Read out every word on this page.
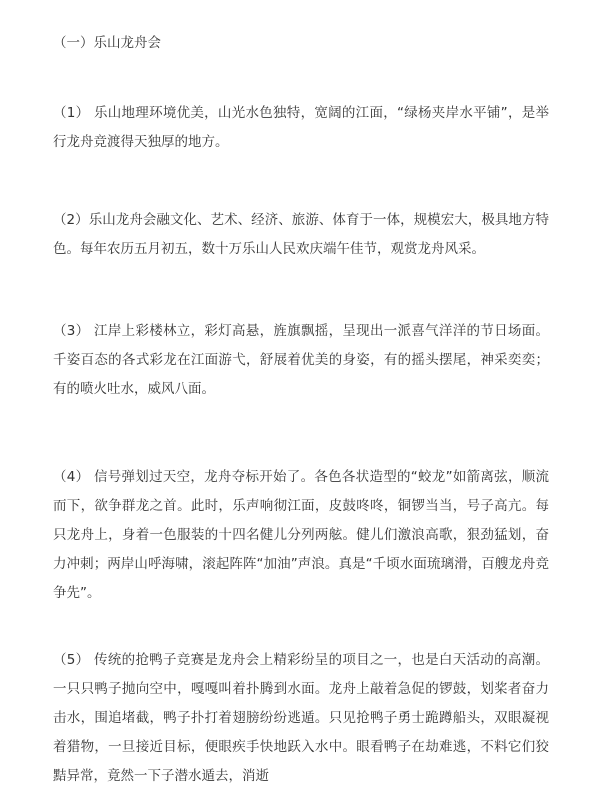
（一）乐山龙舟会

（1） 乐山地理环境优美，山光水色独特，宽阔的江面，“绿杨夹岸水平铺”，是举行龙舟竞渡得天独厚的地方。

（2）乐山龙舟会融文化、艺术、经济、旅游、体育于一体，规模宏大，极具地方特色。每年农历五月初五，数十万乐山人民欢庆端午佳节，观赏龙舟风采。

（3） 江岸上彩楼林立，彩灯高悬，旌旗飘摇，呈现出一派喜气洋洋的节日场面。千姿百态的各式彩龙在江面游弋，舒展着优美的身姿，有的摇头摆尾，神采奕奕；有的喷火吐水，威风八面。

（4） 信号弹划过天空，龙舟夺标开始了。各色各状造型的“蛟龙”如箭离弦，顺流而下，欲争群龙之首。此时，乐声响彻江面，皮鼓咚咚，铜锣当当，号子高亢。每只龙舟上，身着一色服装的十四名健儿分列两舷。健儿们激浪高歌，狠劲猛划，奋力冲刺；两岸山呼海啸，滚起阵阵“加油”声浪。真是“千顷水面琉璃滑，百艘龙舟竞争先”。

（5） 传统的抢鸭子竞赛是龙舟会上精彩纷呈的项目之一，也是白天活动的高潮。一只只鸭子抛向空中，嘎嘎叫着扑腾到水面。龙舟上敲着急促的锣鼓，划桨者奋力击水，围追堵截，鸭子扑打着翅膀纷纷逃遁。只见抢鸭子勇士跪蹲船头，双眼凝视着猎物，一旦接近目标，便眼疾手快地跃入水中。眼看鸭子在劫难逃，不料它们狡黠异常，竟然一下子潜水遁去，消逝
